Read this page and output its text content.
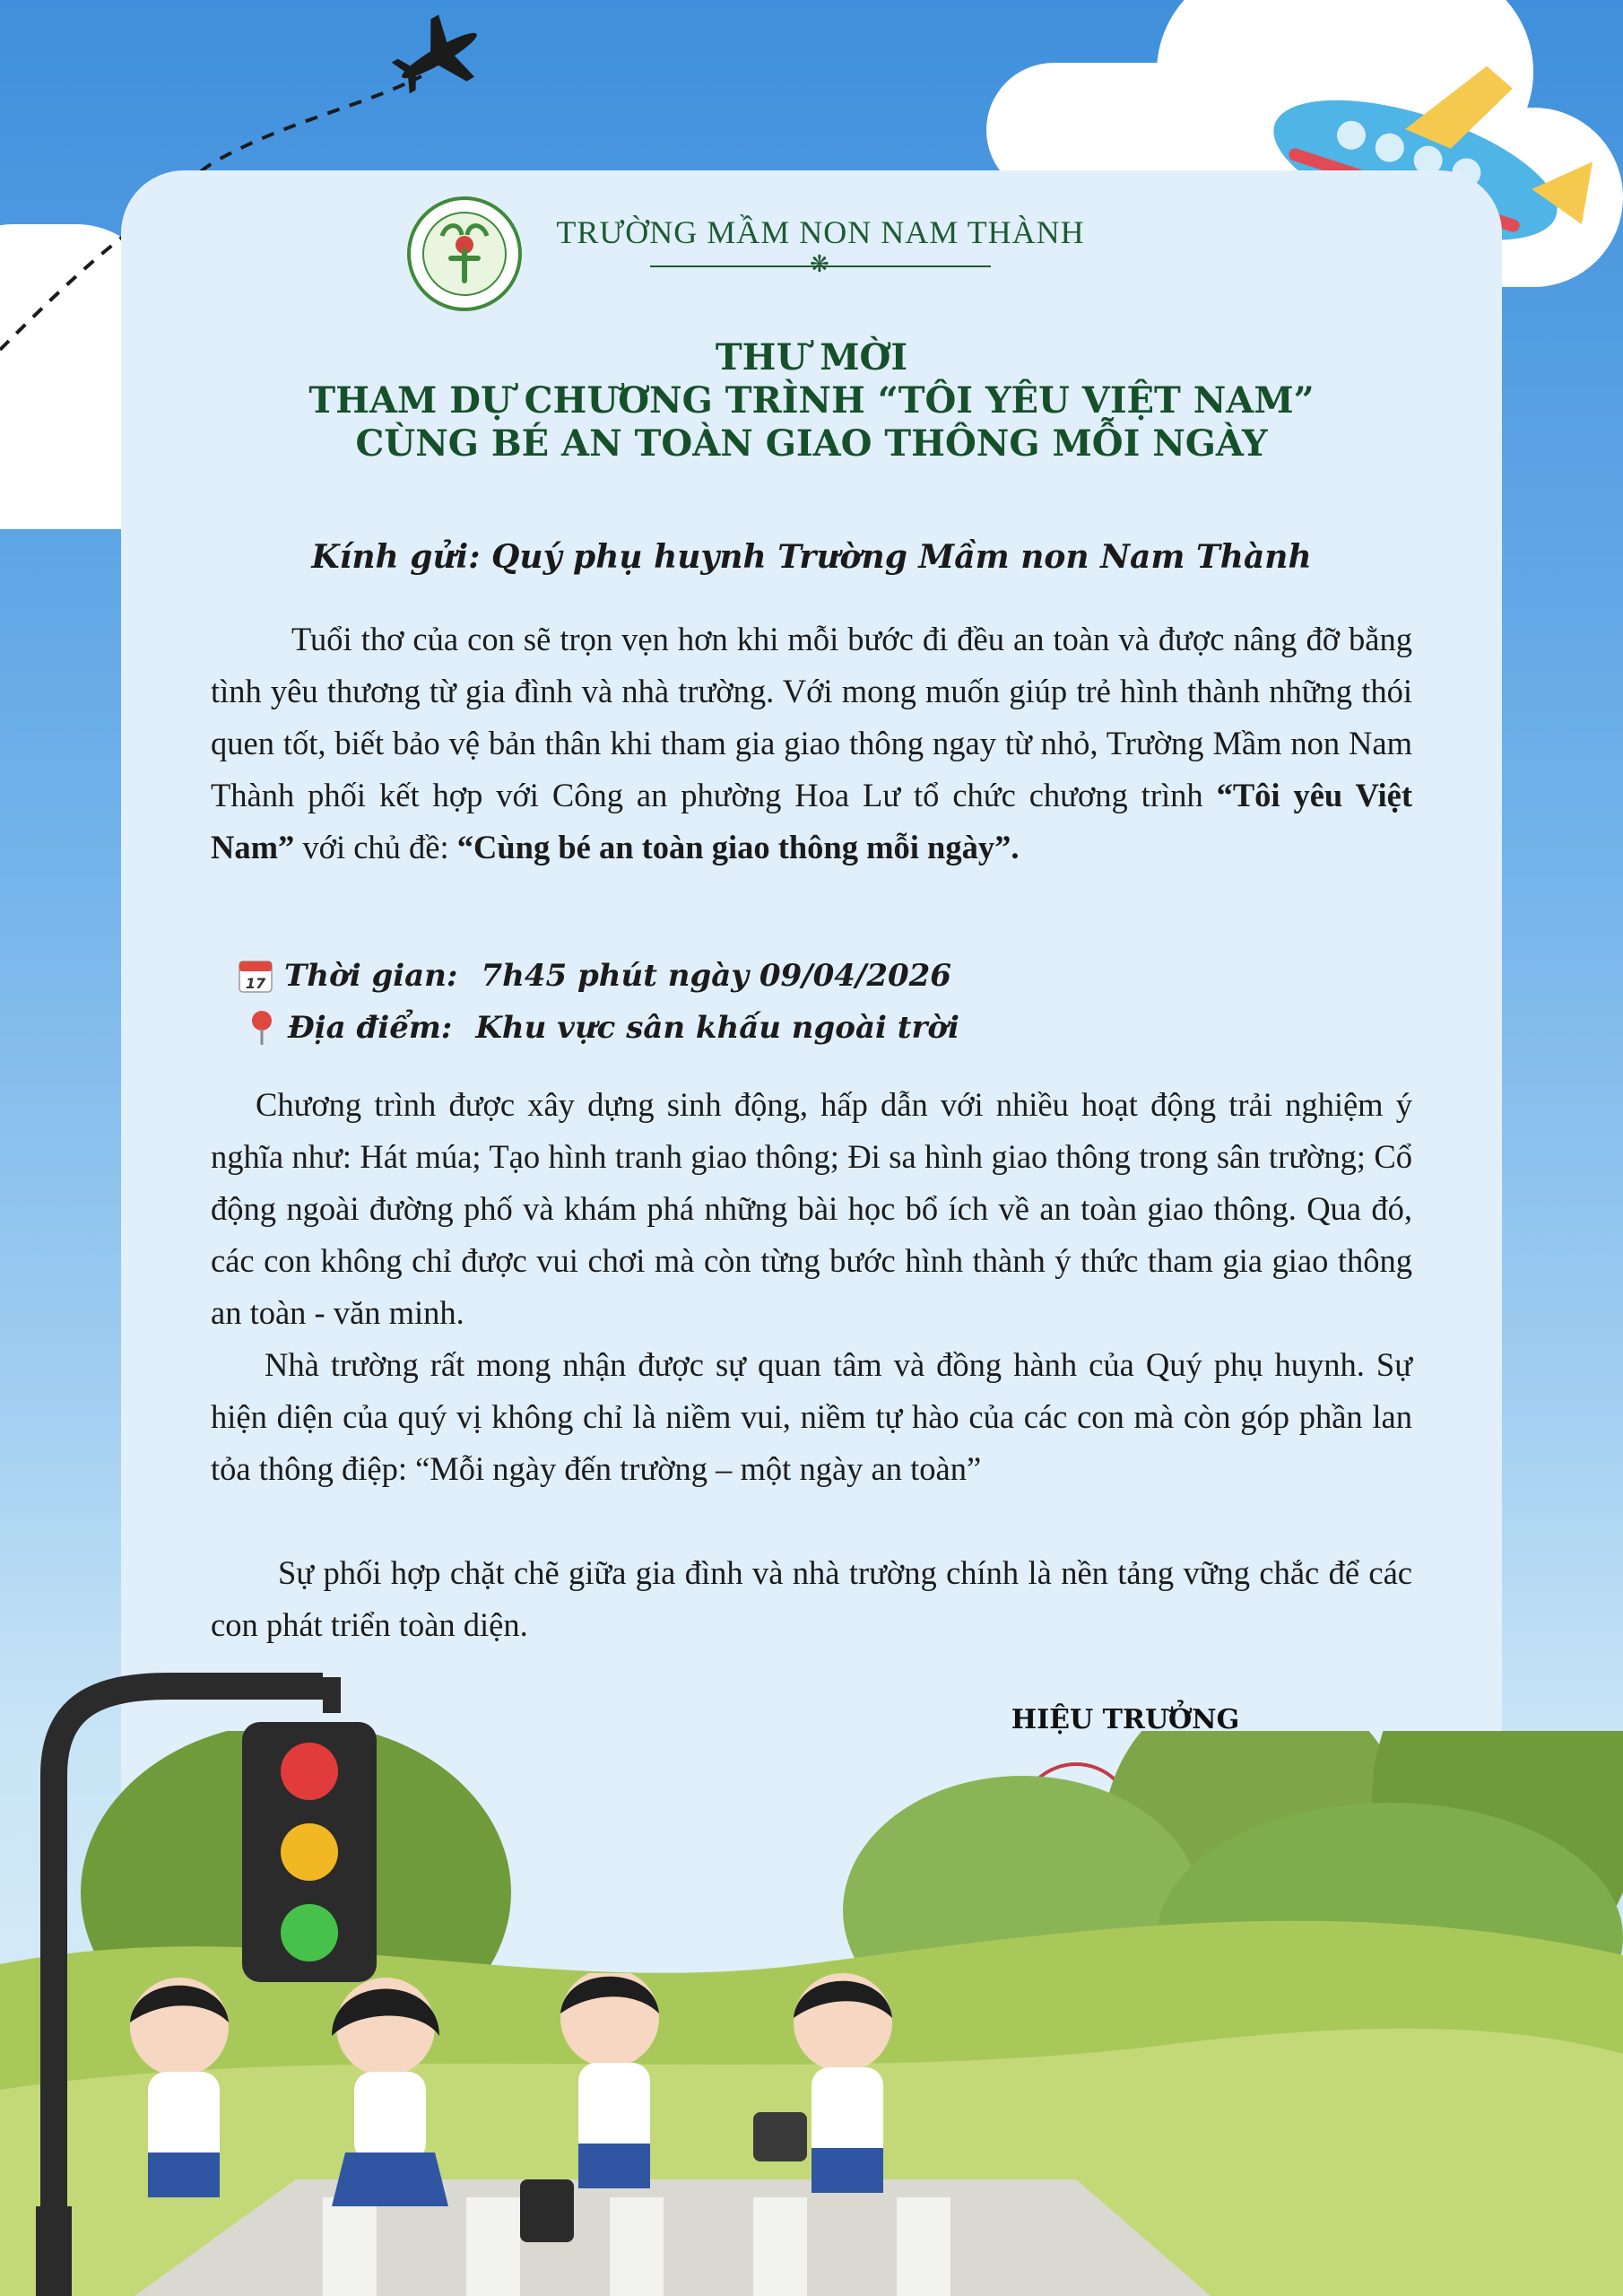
TRƯỜNG MẦM NON NAM THÀNH
❋
THƯ MỜI
THAM DỰ CHƯƠNG TRÌNH “TÔI YÊU VIỆT NAM”
CÙNG BÉ AN TOÀN GIAO THÔNG MỖI NGÀY
Kính gửi: Quý phụ huynh Trường Mầm non Nam Thành
Tuổi thơ của con sẽ trọn vẹn hơn khi mỗi bước đi đều an toàn và được nâng đỡ bằng tình yêu thương từ gia đình và nhà trường. Với mong muốn giúp trẻ hình thành những thói quen tốt, biết bảo vệ bản thân khi tham gia giao thông ngay từ nhỏ, Trường Mầm non Nam Thành phối kết hợp với Công an phường Hoa Lư tổ chức chương trình “Tôi yêu Việt Nam” với chủ đề: “Cùng bé an toàn giao thông mỗi ngày”.
17 Thời gian: 7h45 phút ngày 09/04/2026
Địa điểm: Khu vực sân khấu ngoài trời
Chương trình được xây dựng sinh động, hấp dẫn với nhiều hoạt động trải nghiệm ý nghĩa như: Hát múa; Tạo hình tranh giao thông; Đi sa hình giao thông trong sân trường; Cổ động ngoài đường phố và khám phá những bài học bổ ích về an toàn giao thông. Qua đó, các con không chỉ được vui chơi mà còn từng bước hình thành ý thức tham gia giao thông an toàn - văn minh.
Nhà trường rất mong nhận được sự quan tâm và đồng hành của Quý phụ huynh. Sự hiện diện của quý vị không chỉ là niềm vui, niềm tự hào của các con mà còn góp phần lan tỏa thông điệp: “Mỗi ngày đến trường – một ngày an toàn”
Sự phối hợp chặt chẽ giữa gia đình và nhà trường chính là nền tảng vững chắc để các con phát triển toàn diện.
HIỆU TRƯỞNG
